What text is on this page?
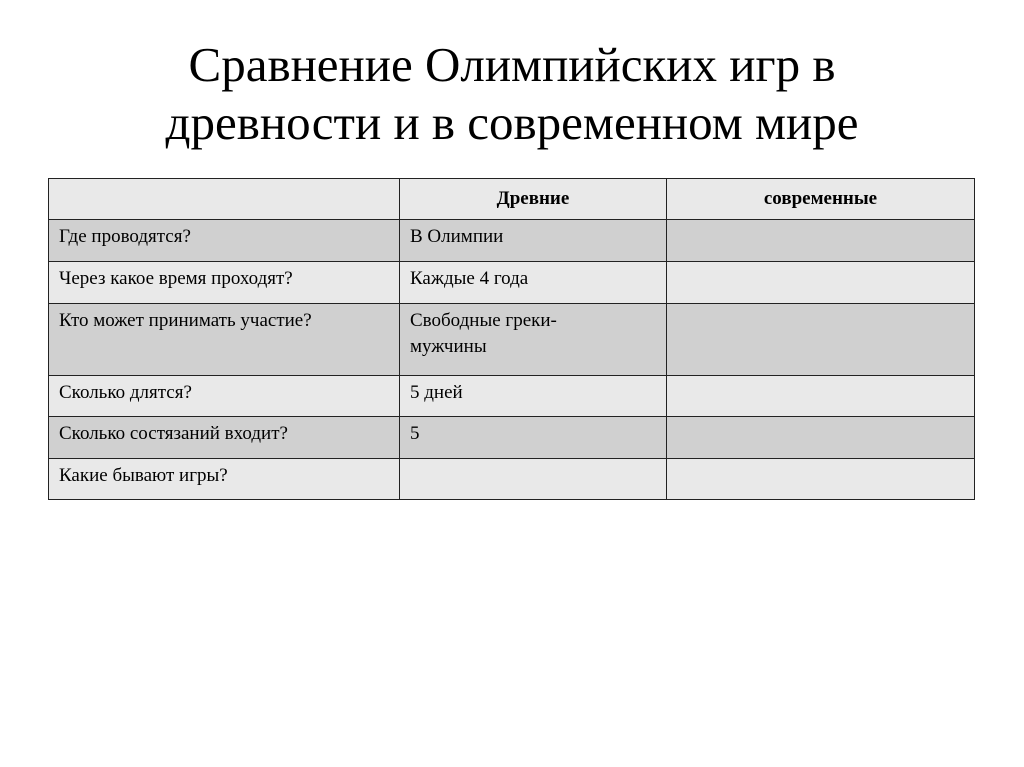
Сравнение Олимпийских игр в
древности и в современном мире
	Древние	современные
Где проводятся?	В Олимпии	
Через какое время проходят?	Каждые 4 года	
Кто может принимать участие?	Свободные греки-мужчины	
Сколько длятся?	5 дней	
Сколько состязаний входит?	5	
Какие бывают игры?		
